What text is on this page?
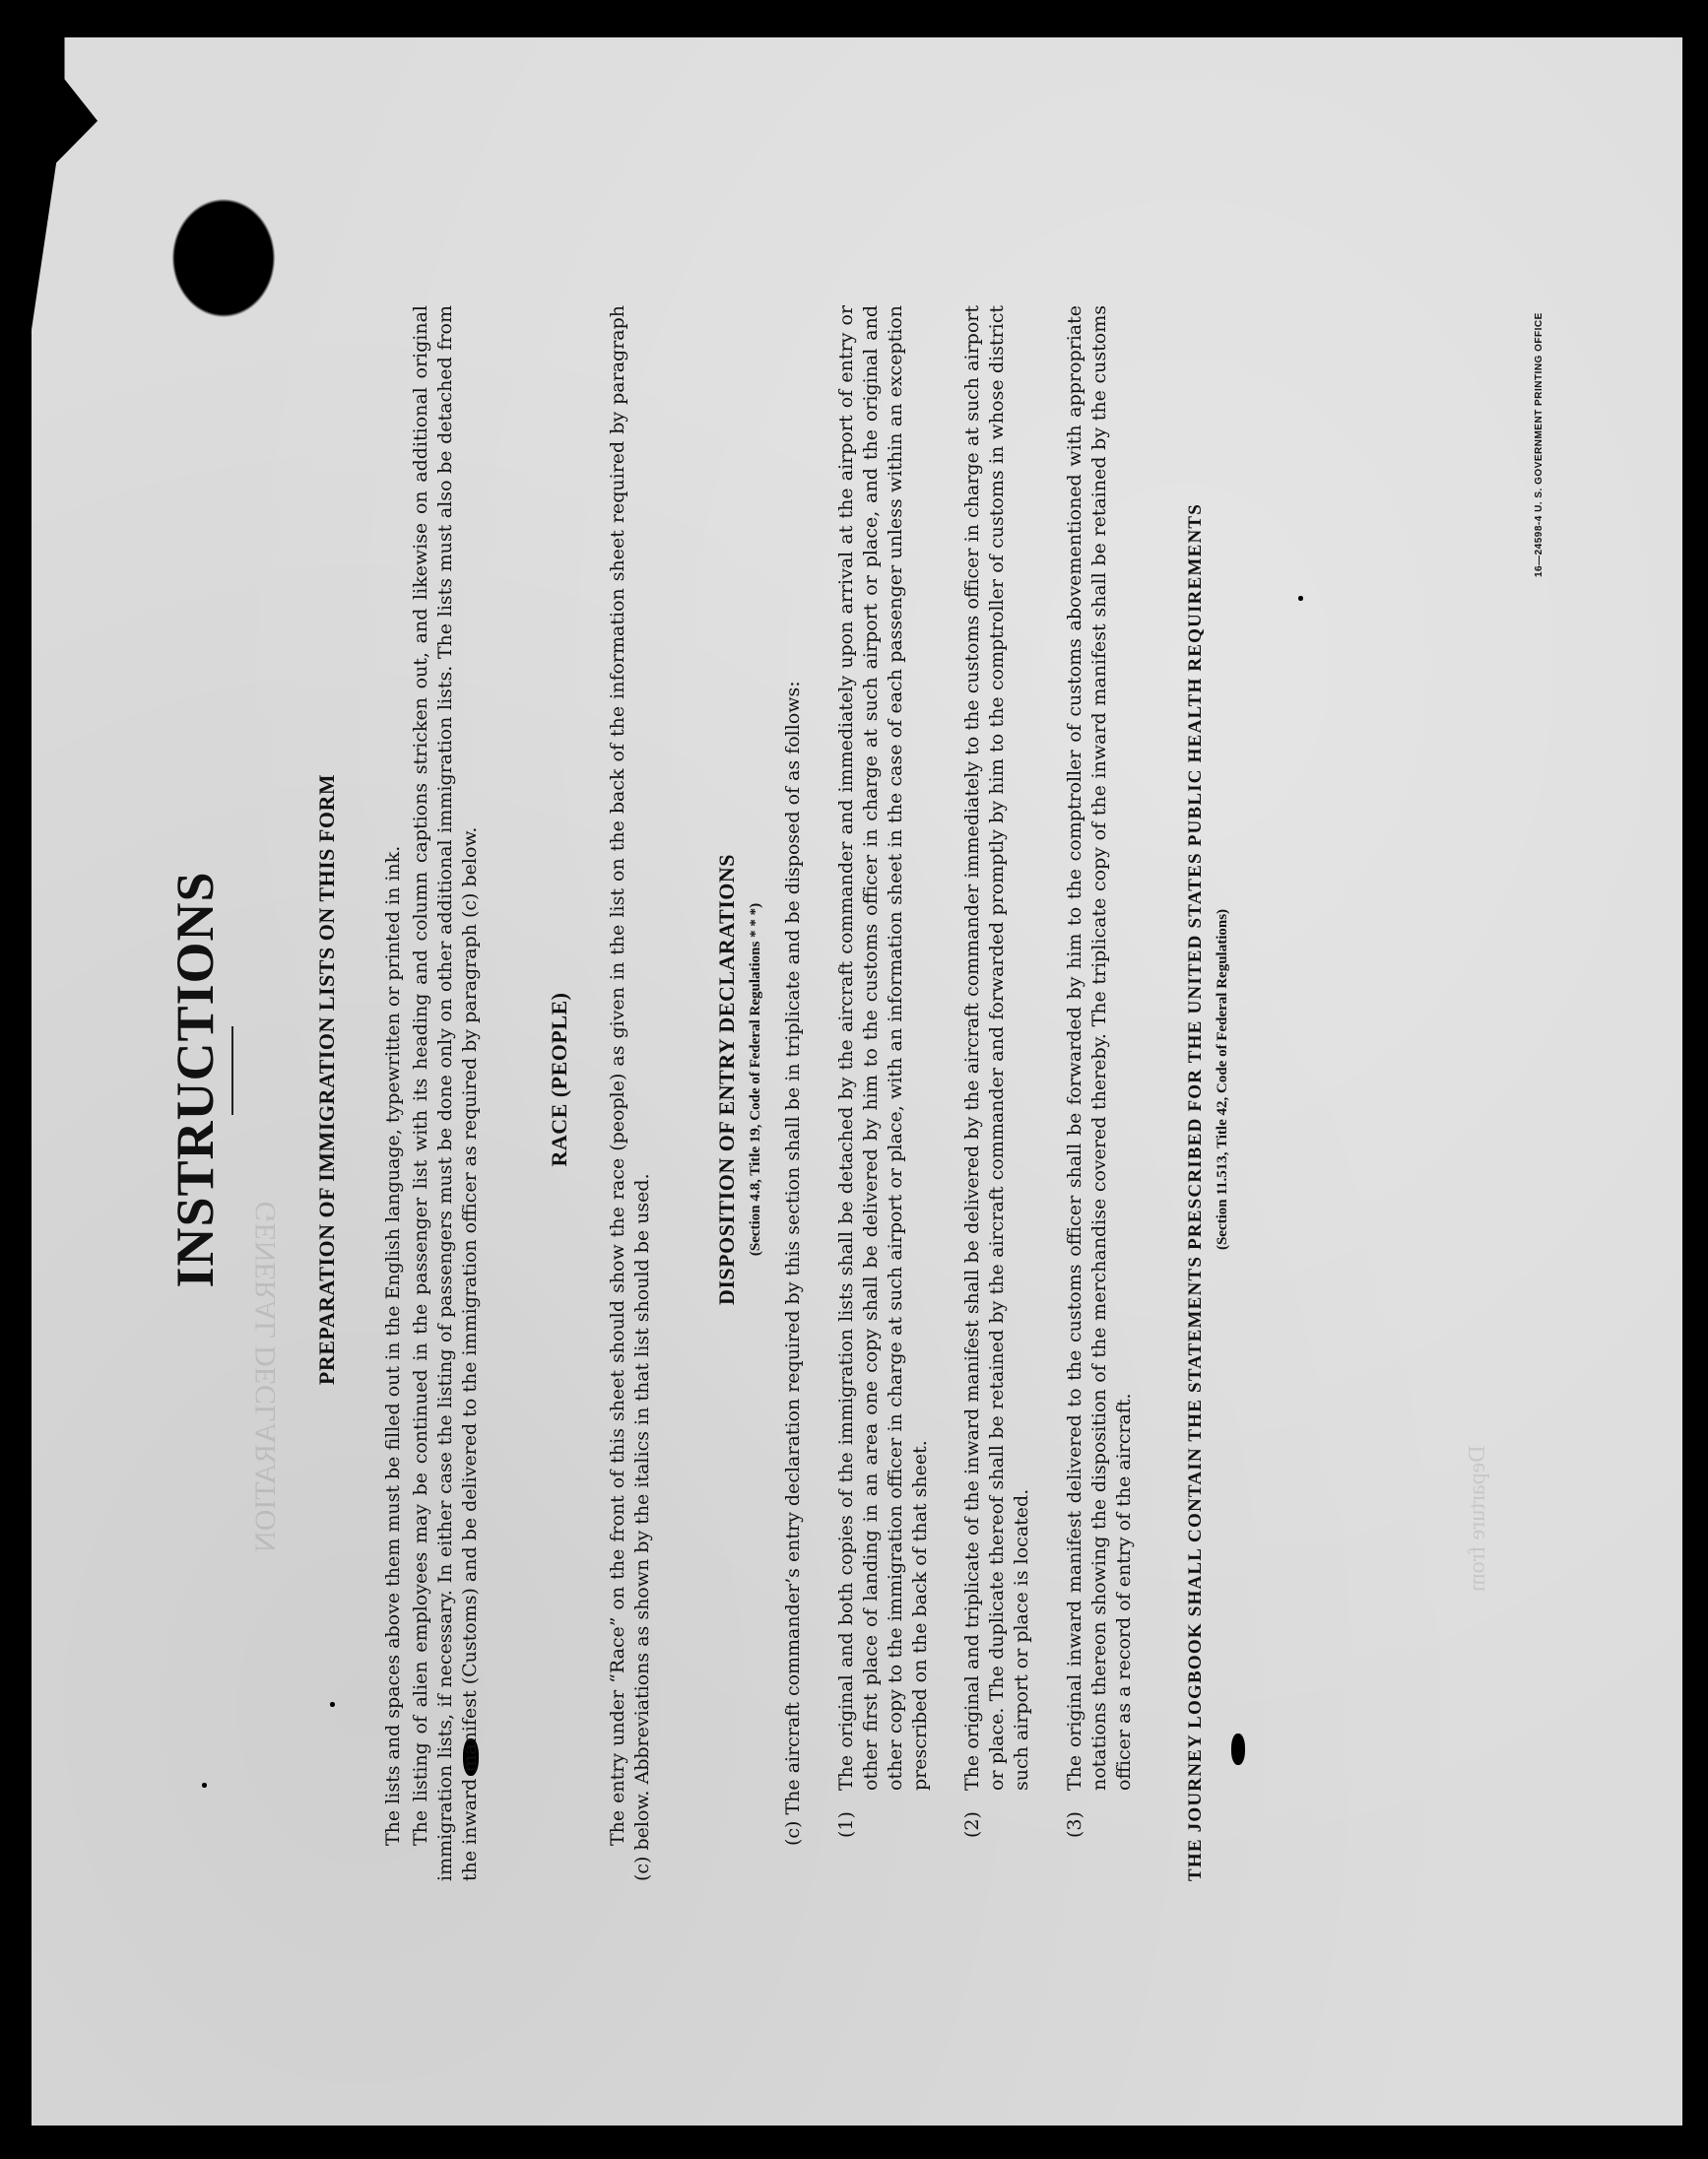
INSTRUCTIONS	PREPARATION OF IMMIGRATION LISTS ON THIS FORM The lists and spaces above them must be filled out in the English language, typewritten or printed in ink. The listing of alien employees may be continued in the passenger list with its heading and column captions stricken out, and likewise on additional original immigration lists, if necessary. In either case the listing of passengers must be done only on other additional immigration lists. The lists must also be detached from the inward manifest (Customs) and be delivered to the immigration officer as required by paragraph (c) below.	RACE (PEOPLE) The entry under “Race” on the front of this sheet should show the race (people) as given in the list on the back of the information sheet required by paragraph (c) below. Abbreviations as shown by the italics in that list should be used.
DISPOSITION OF ENTRY DECLARATIONS (Section 4.8, Title 19, Code of Federal Regulations * * *) (c) The aircraft commander’s entry declaration required by this section shall be in triplicate and be disposed of as follows: (1)
The original and both copies of the immigration lists shall be detached by the aircraft commander and immediately upon arrival at the airport of entry or other first place of landing in an area one copy shall be delivered by him to the customs officer in charge at such airport or place, and the original and other copy to the immigration officer in charge at such airport or place, with an information sheet in the case of each passenger unless within an exception prescribed on the back of that sheet.
(2)
The original and triplicate of the inward manifest shall be delivered by the aircraft commander immediately to the customs officer in charge at such airport or place. The duplicate thereof shall be retained by the aircraft commander and forwarded promptly by him to the comptroller of customs in whose district such airport or place is located.
(3)
The original inward manifest delivered to the customs officer shall be forwarded by him to the comptroller of customs abovementioned with appropriate notations thereon showing the disposition of the merchandise covered thereby. The triplicate copy of the inward manifest shall be retained by the customs officer as a record of entry of the aircraft.	THE JOURNEY LOGBOOK SHALL CONTAIN THE STATEMENTS PRESCRIBED FOR THE UNITED STATES PUBLIC HEALTH REQUIREMENTS (Section 11.513, Title 42, Code of Federal Regulations)
16—24598-4 U. S. GOVERNMENT PRINTING OFFICE
GENERAL DECLARATION	Departure from
